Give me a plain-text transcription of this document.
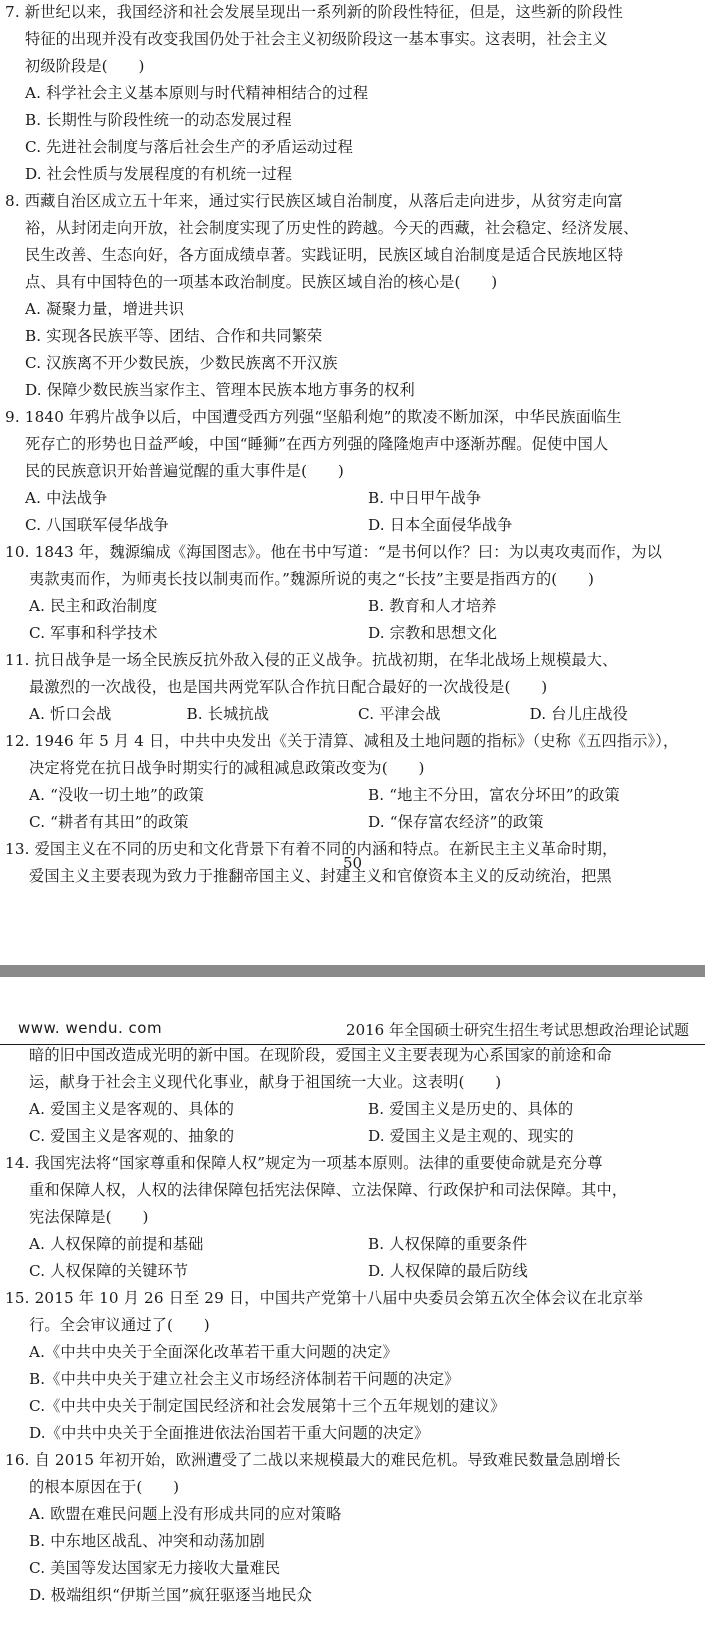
7. 新世纪以来，我国经济和社会发展呈现出一系列新的阶段性特征，但是，这些新的阶段性
特征的出现并没有改变我国仍处于社会主义初级阶段这一基本事实。这表明，社会主义
初级阶段是(　　)
A. 科学社会主义基本原则与时代精神相结合的过程
B. 长期性与阶段性统一的动态发展过程
C. 先进社会制度与落后社会生产的矛盾运动过程
D. 社会性质与发展程度的有机统一过程
8. 西藏自治区成立五十年来，通过实行民族区域自治制度，从落后走向进步，从贫穷走向富
裕，从封闭走向开放，社会制度实现了历史性的跨越。今天的西藏，社会稳定、经济发展、
民生改善、生态向好，各方面成绩卓著。实践证明，民族区域自治制度是适合民族地区特
点、具有中国特色的一项基本政治制度。民族区域自治的核心是(　　)
A. 凝聚力量，增进共识
B. 实现各民族平等、团结、合作和共同繁荣
C. 汉族离不开少数民族，少数民族离不开汉族
D. 保障少数民族当家作主、管理本民族本地方事务的权利
9. 1840 年鸦片战争以后，中国遭受西方列强“坚船利炮”的欺凌不断加深，中华民族面临生
死存亡的形势也日益严峻，中国“睡狮”在西方列强的隆隆炮声中逐渐苏醒。促使中国人
民的民族意识开始普遍觉醒的重大事件是(　　)
A. 中法战争	B. 中日甲午战争
C. 八国联军侵华战争	D. 日本全面侵华战争
10. 1843 年，魏源编成《海国图志》。他在书中写道：“是书何以作？曰：为以夷攻夷而作，为以
夷款夷而作，为师夷长技以制夷而作。”魏源所说的夷之“长技”主要是指西方的(　　)
A. 民主和政治制度	B. 教育和人才培养
C. 军事和科学技术	D. 宗教和思想文化
11. 抗日战争是一场全民族反抗外敌入侵的正义战争。抗战初期，在华北战场上规模最大、
最激烈的一次战役，也是国共两党军队合作抗日配合最好的一次战役是(　　)
A. 忻口会战	B. 长城抗战	C. 平津会战	D. 台儿庄战役
12. 1946 年 5 月 4 日，中共中央发出《关于清算、减租及土地问题的指标》（史称《五四指示》），
决定将党在抗日战争时期实行的减租减息政策改变为(　　)
A. “没收一切土地”的政策	B. “地主不分田，富农分坏田”的政策
C. “耕者有其田”的政策	D. “保存富农经济”的政策
13. 爱国主义在不同的历史和文化背景下有着不同的内涵和特点。在新民主主义革命时期，
爱国主义主要表现为致力于推翻帝国主义、封建主义和官僚资本主义的反动统治，把黑
50
www. wendu. com	2016 年全国硕士研究生招生考试思想政治理论试题
暗的旧中国改造成光明的新中国。在现阶段，爱国主义主要表现为心系国家的前途和命
运，献身于社会主义现代化事业，献身于祖国统一大业。这表明(　　)
A. 爱国主义是客观的、具体的	B. 爱国主义是历史的、具体的
C. 爱国主义是客观的、抽象的	D. 爱国主义是主观的、现实的
14. 我国宪法将“国家尊重和保障人权”规定为一项基本原则。法律的重要使命就是充分尊
重和保障人权，人权的法律保障包括宪法保障、立法保障、行政保护和司法保障。其中，
宪法保障是(　　)
A. 人权保障的前提和基础	B. 人权保障的重要条件
C. 人权保障的关键环节	D. 人权保障的最后防线
15. 2015 年 10 月 26 日至 29 日，中国共产党第十八届中央委员会第五次全体会议在北京举
行。全会审议通过了(　　)
A.《中共中央关于全面深化改革若干重大问题的决定》
B.《中共中央关于建立社会主义市场经济体制若干问题的决定》
C.《中共中央关于制定国民经济和社会发展第十三个五年规划的建议》
D.《中共中央关于全面推进依法治国若干重大问题的决定》
16. 自 2015 年初开始，欧洲遭受了二战以来规模最大的难民危机。导致难民数量急剧增长
的根本原因在于(　　)
A. 欧盟在难民问题上没有形成共同的应对策略
B. 中东地区战乱、冲突和动荡加剧
C. 美国等发达国家无力接收大量难民
D. 极端组织“伊斯兰国”疯狂驱逐当地民众
